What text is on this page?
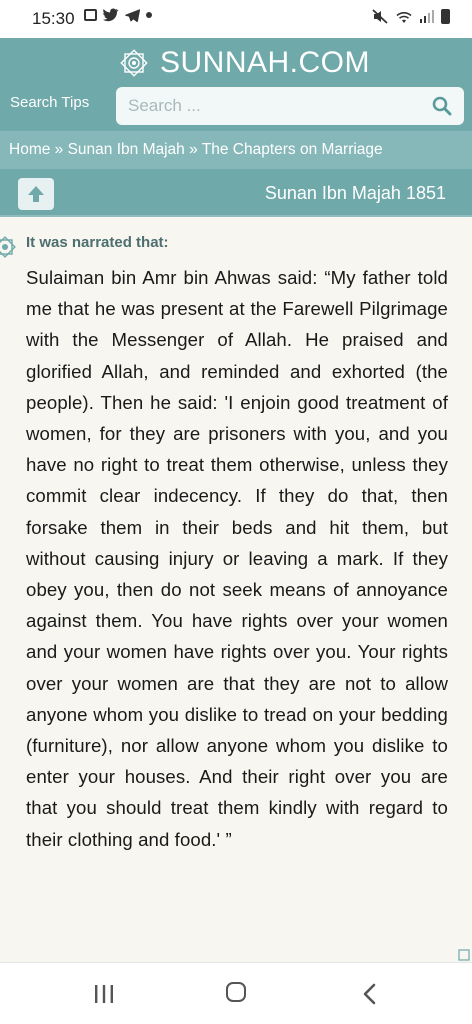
15:30
SUNNAH.COM
Search Tips
Search ...
Home » Sunan Ibn Majah » The Chapters on Marriage
Sunan Ibn Majah 1851
It was narrated that:

Sulaiman bin Amr bin Ahwas said: “My father told me that he was present at the Farewell Pilgrimage with the Messenger of Allah. He praised and glorified Allah, and reminded and exhorted (the people). Then he said: 'I enjoin good treatment of women, for they are prisoners with you, and you have no right to treat them otherwise, unless they commit clear indecency. If they do that, then forsake them in their beds and hit them, but without causing injury or leaving a mark. If they obey you, then do not seek means of annoyance against them. You have rights over your women and your women have rights over you. Your rights over your women are that they are not to allow anyone whom you dislike to tread on your bedding (furniture), nor allow anyone whom you dislike to enter your houses. And their right over you are that you should treat them kindly with regard to their clothing and food.' ”
